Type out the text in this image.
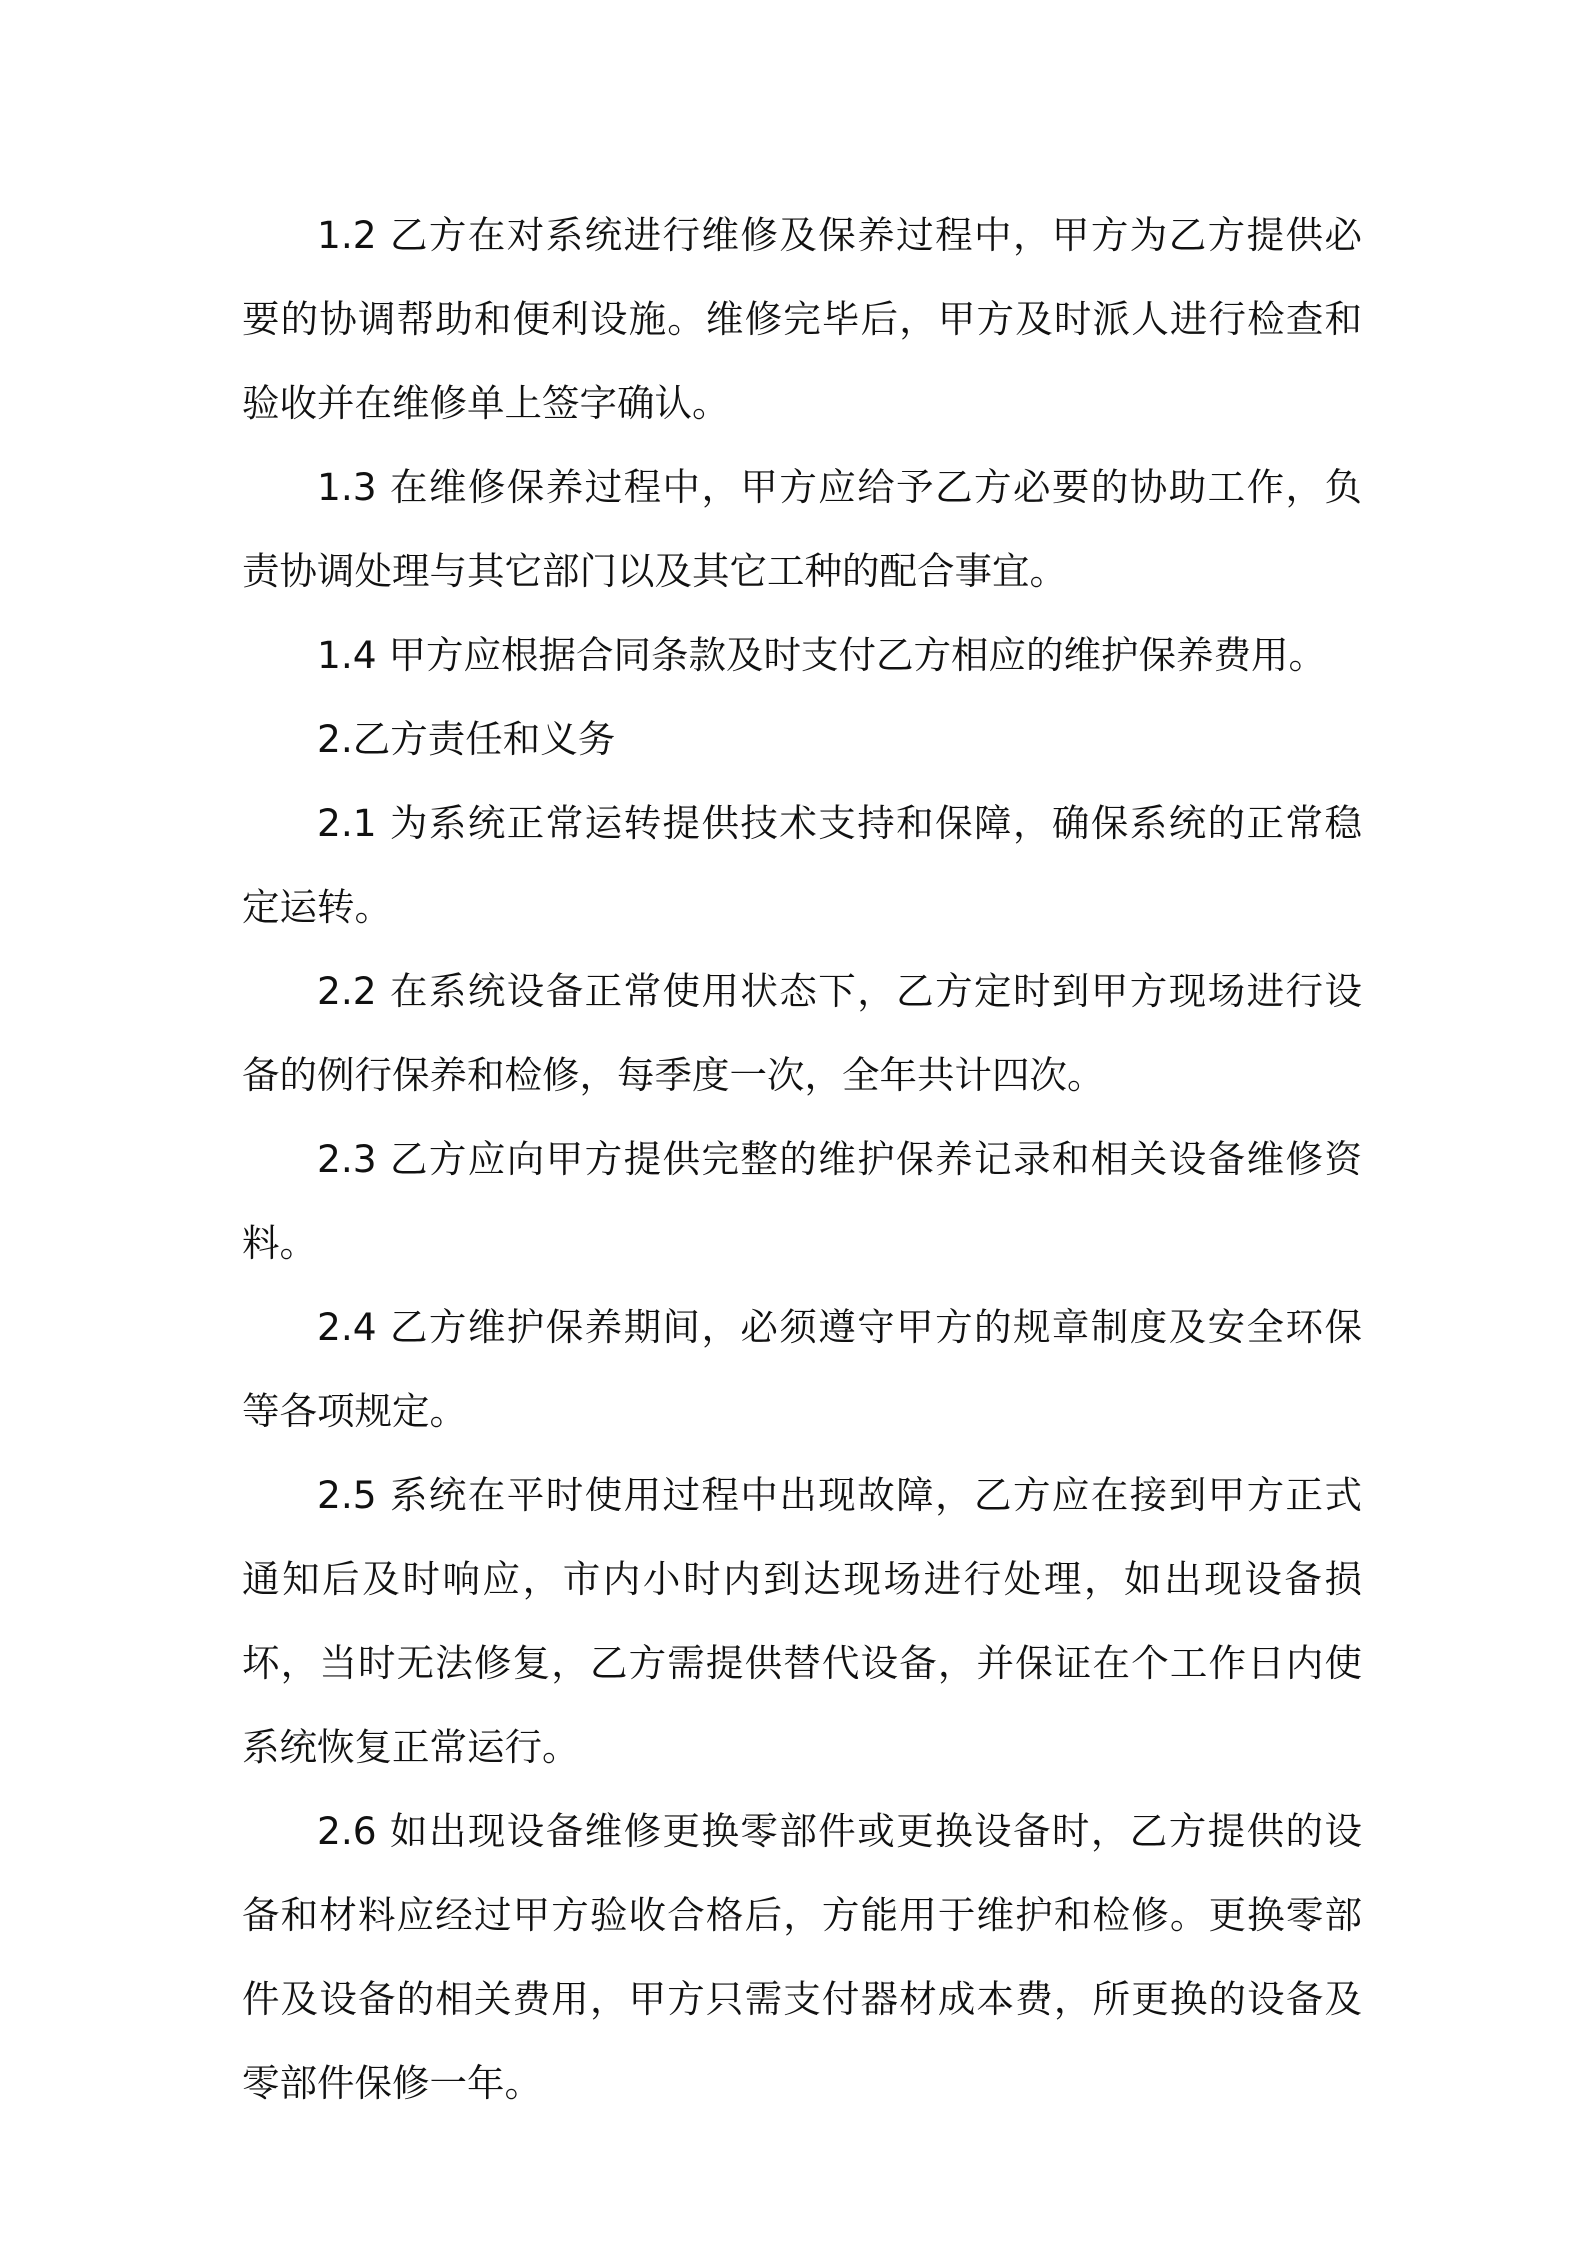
1.2 乙方在对系统进行维修及保养过程中，甲方为乙方提供必要的协调帮助和便利设施。维修完毕后，甲方及时派人进行检查和验收并在维修单上签字确认。

1.3 在维修保养过程中，甲方应给予乙方必要的协助工作，负责协调处理与其它部门以及其它工种的配合事宜。

1.4 甲方应根据合同条款及时支付乙方相应的维护保养费用。

2.乙方责任和义务

2.1 为系统正常运转提供技术支持和保障，确保系统的正常稳定运转。

2.2 在系统设备正常使用状态下，乙方定时到甲方现场进行设备的例行保养和检修，每季度一次，全年共计四次。

2.3 乙方应向甲方提供完整的维护保养记录和相关设备维修资料。

2.4 乙方维护保养期间，必须遵守甲方的规章制度及安全环保等各项规定。

2.5 系统在平时使用过程中出现故障，乙方应在接到甲方正式通知后及时响应，市内小时内到达现场进行处理，如出现设备损坏，当时无法修复，乙方需提供替代设备，并保证在个工作日内使系统恢复正常运行。

2.6 如出现设备维修更换零部件或更换设备时，乙方提供的设备和材料应经过甲方验收合格后，方能用于维护和检修。更换零部件及设备的相关费用，甲方只需支付器材成本费，所更换的设备及零部件保修一年。
